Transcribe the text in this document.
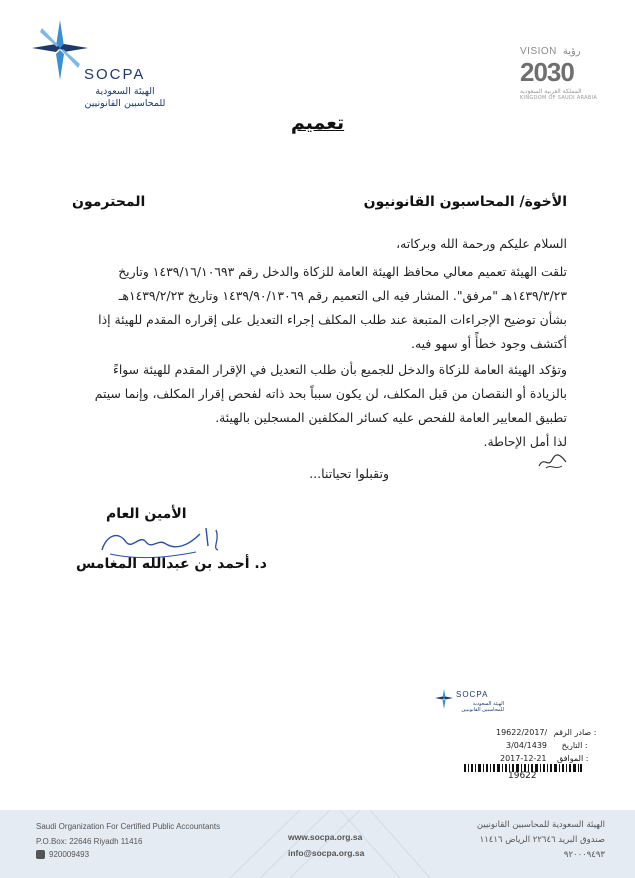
SOCPA
الهيئة السعودية
للمحاسبين القانونيين
VISION رؤية
2030
المملكة العربية السعودية
KINGDOM OF SAUDI ARABIA
تعميم
الأخوة/ المحاسبون القانونيون
المحترمون
السلام عليكم ورحمة الله وبركاته،
تلقت الهيئة تعميم معالي محافظ الهيئة العامة للزكاة والدخل رقم ١٤٣٩/١٦/١٠٦٩٣ وتاريخ
١٤٣٩/٣/٢٣هـ "مرفق". المشار فيه الى التعميم رقم ١٤٣٩/٩٠/١٣٠٦٩ وتاريخ ١٤٣٩/٢/٢٣هـ
بشأن توضيح الإجراءات المتبعة عند طلب المكلف إجراء التعديل على إقراره المقدم للهيئة إذا
أكتشف وجود خطأً أو سهو فيه.
وتؤكد الهيئة العامة للزكاة والدخل للجميع بأن طلب التعديل في الإقرار المقدم للهيئة سواءً
بالزيادة أو النقصان من قبل المكلف، لن يكون سبباً بحد ذاته لفحص إقرار المكلف، وإنما سيتم
تطبيق المعايير العامة للفحص عليه كسائر المكلفين المسجلين بالهيئة.
لذا أمل الإحاطة.
وتقبلوا تحياتنا...
الأمين العام
د. أحمد بن عبدالله المغامس
SOCPA
الهيئة السعودية للمحاسبين القانونيين
19622/2017/	صادر الرقم :
3/04/1439 التاريخ :
2017-12-21 الموافق :
19622
Saudi Organization For Certified Public Accountants
P.O.Box: 22646 Riyadh 11416
920009493
www.socpa.org.sa
info@socpa.org.sa
الهيئة السعودية للمحاسبين القانونيين
صندوق البريد ٢٢٦٤٦ الرياض ١١٤١٦
٩٢٠٠٠٩٤٩٣
